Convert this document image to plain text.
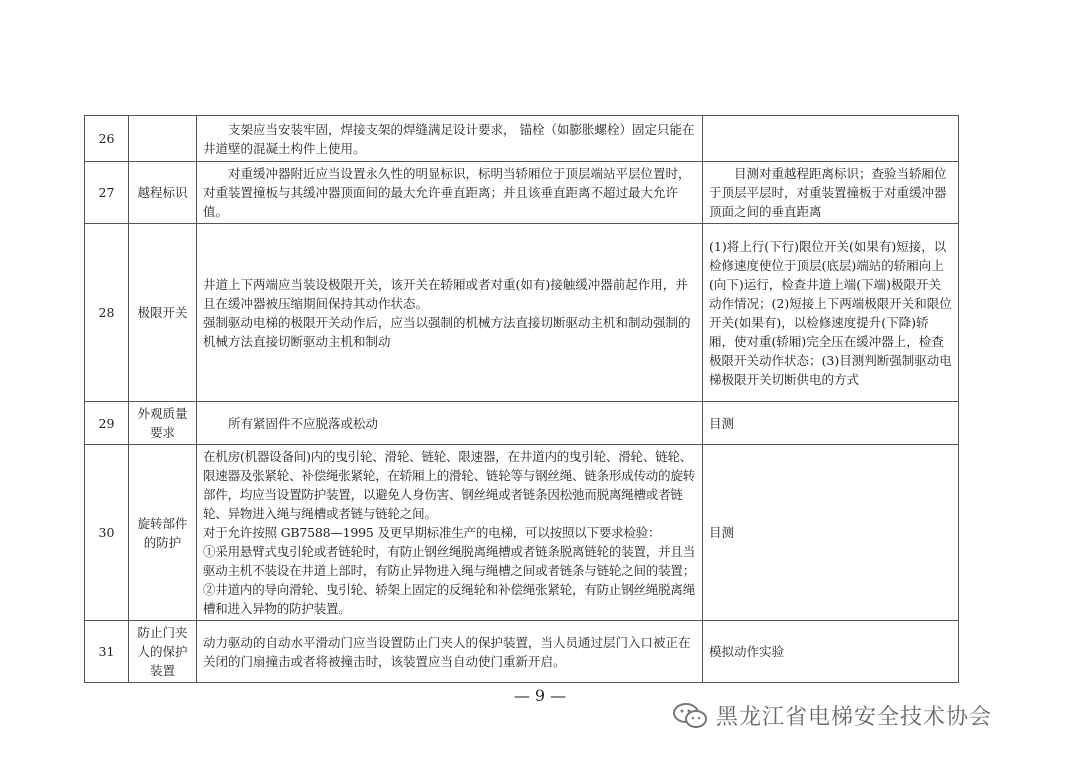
26		支架应当安装牢固，焊接支架的焊缝满足设计要求， 锚栓（如膨胀螺栓）固定只能在井道壁的混凝土构件上使用。	
27	越程标识	对重缓冲器附近应当设置永久性的明显标识，标明当轿厢位于顶层端站平层位置时，对重装置撞板与其缓冲器顶面间的最大允许垂直距离；并且该垂直距离不超过最大允许值。	目测对重越程距离标识；查验当轿厢位于顶层平层时，对重装置撞板于对重缓冲器顶面之间的垂直距离
28	极限开关	井道上下两端应当装设极限开关，该开关在轿厢或者对重(如有)接触缓冲器前起作用，并且在缓冲器被压缩期间保持其动作状态。
强制驱动电梯的极限开关动作后，应当以强制的机械方法直接切断驱动主机和制动强制的机械方法直接切断驱动主机和制动	(1)将上行(下行)限位开关(如果有)短接，以检修速度使位于顶层(底层)端站的轿厢向上(向下)运行，检查井道上端(下端)极限开关动作情况；(2)短接上下两端极限开关和限位开关(如果有)，以检修速度提升(下降)轿厢，使对重(轿厢)完全压在缓冲器上，检查极限开关动作状态；(3)目测判断强制驱动电梯极限开关切断供电的方式
29	外观质量要求	所有紧固件不应脱落或松动	目测
30	旋转部件的防护	在机房(机器设备间)内的曳引轮、滑轮、链轮、限速器，在井道内的曳引轮、滑轮、链轮、限速器及张紧轮、补偿绳张紧轮，在轿厢上的滑轮、链轮等与钢丝绳、链条形成传动的旋转部件，均应当设置防护装置，以避免人身伤害、钢丝绳或者链条因松弛而脱离绳槽或者链轮、异物进入绳与绳槽或者链与链轮之间。
对于允许按照 GB7588—1995 及更早期标准生产的电梯，可以按照以下要求检验：
①采用悬臂式曳引轮或者链轮时，有防止钢丝绳脱离绳槽或者链条脱离链轮的装置，并且当驱动主机不装设在井道上部时，有防止异物进入绳与绳槽之间或者链条与链轮之间的装置；
②井道内的导向滑轮、曳引轮、轿架上固定的反绳轮和补偿绳张紧轮，有防止钢丝绳脱离绳槽和进入异物的防护装置。	目测
31	防止门夹人的保护装置	动力驱动的自动水平滑动门应当设置防止门夹人的保护装置，当人员通过层门入口被正在关闭的门扇撞击或者将被撞击时，该装置应当自动使门重新开启。	模拟动作实验
— 9 —
黑龙江省电梯安全技术协会
